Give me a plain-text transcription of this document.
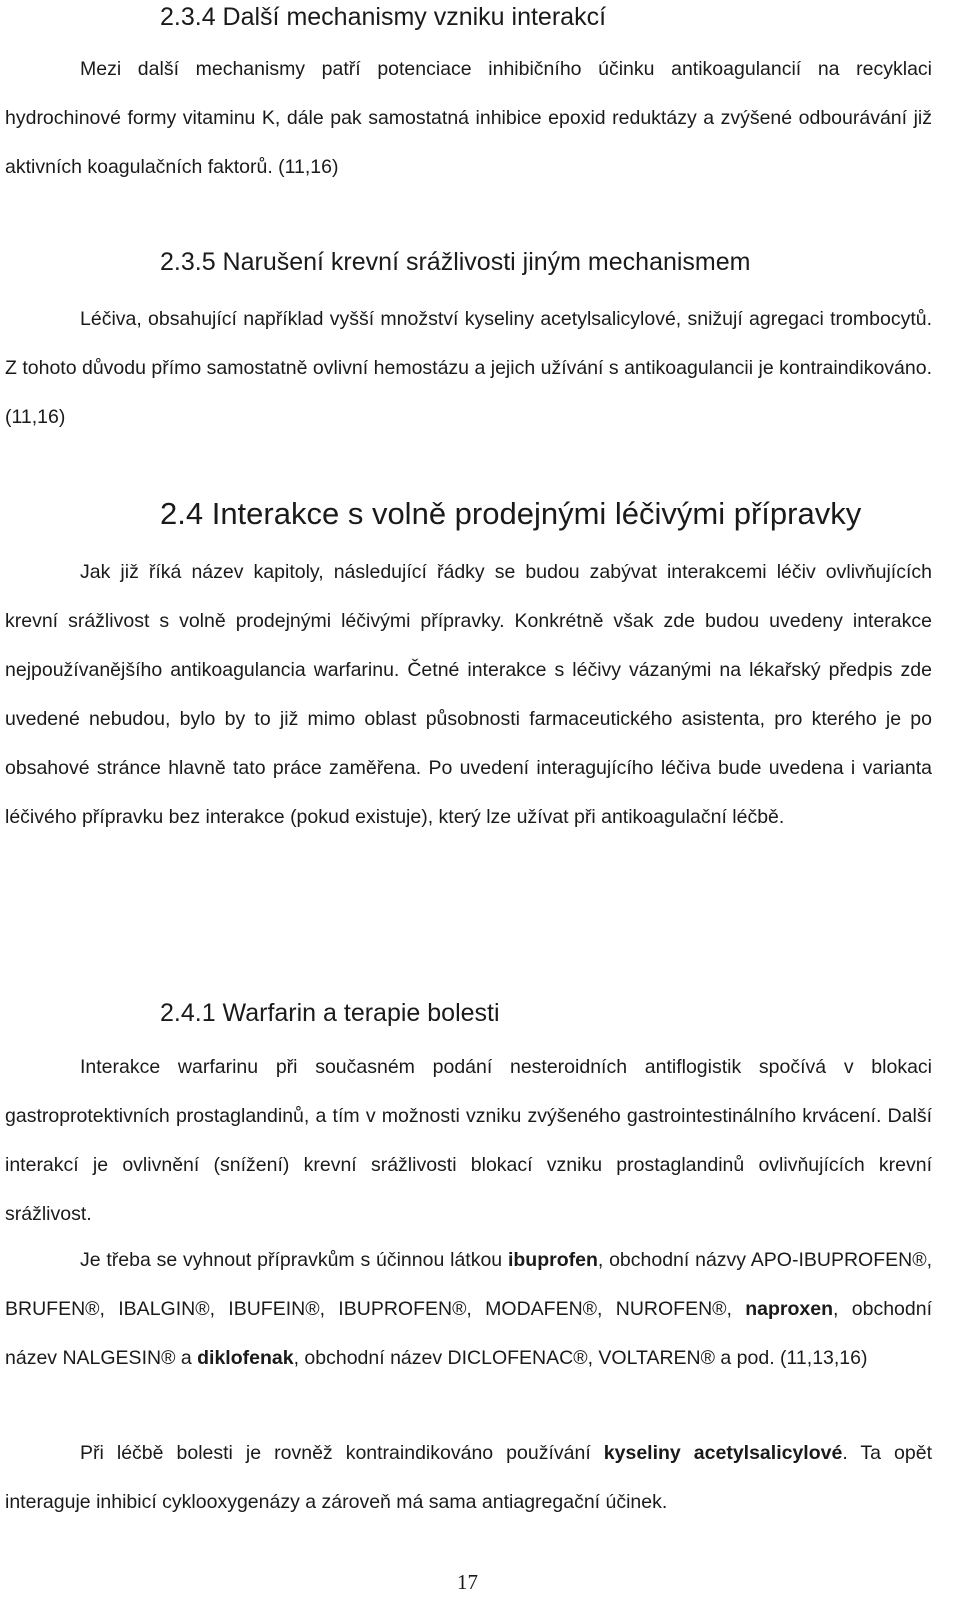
2.3.4 Další mechanismy vzniku interakcí

Mezi další mechanismy patří potenciace inhibičního účinku antikoagulancií na recyklaci hydrochinové formy vitaminu K, dále pak samostatná inhibice epoxid reduktázy a zvýšené odbourávání již aktivních koagulačních faktorů. (11,16)

2.3.5 Narušení krevní srážlivosti jiným mechanismem

Léčiva, obsahující například vyšší množství kyseliny acetylsalicylové, snižují agregaci trombocytů. Z tohoto důvodu přímo samostatně ovlivní hemostázu a jejich užívání s antikoagulancii je kontraindikováno. (11,16)

2.4 Interakce s volně prodejnými léčivými přípravky

Jak již říká název kapitoly, následující řádky se budou zabývat interakcemi léčiv ovlivňujících krevní srážlivost s volně prodejnými léčivými přípravky. Konkrétně však zde budou uvedeny interakce nejpoužívanějšího antikoagulancia warfarinu. Četné interakce s léčivy vázanými na lékařský předpis zde uvedené nebudou, bylo by to již mimo oblast působnosti farmaceutického asistenta, pro kterého je po obsahové stránce hlavně tato práce zaměřena. Po uvedení interagujícího léčiva bude uvedena i varianta léčivého přípravku bez interakce (pokud existuje), který lze užívat při antikoagulační léčbě.

2.4.1 Warfarin a terapie bolesti

Interakce warfarinu při současném podání nesteroidních antiflogistik spočívá v blokaci gastroprotektivních prostaglandinů, a tím v možnosti vzniku zvýšeného gastrointestinálního krvácení. Další interakcí je ovlivnění (snížení) krevní srážlivosti blokací vzniku prostaglandinů ovlivňujících krevní srážlivost.

Je třeba se vyhnout přípravkům s účinnou látkou ibuprofen, obchodní názvy APO-IBUPROFEN®, BRUFEN®, IBALGIN®, IBUFEIN®, IBUPROFEN®, MODAFEN®, NUROFEN®, naproxen, obchodní název NALGESIN® a diklofenak, obchodní název DICLOFENAC®, VOLTAREN® a pod. (11,13,16)

Při léčbě bolesti je rovněž kontraindikováno používání kyseliny acetylsalicylové. Ta opět interaguje inhibicí cyklooxygenázy a zároveň má sama antiagregační účinek.

17
